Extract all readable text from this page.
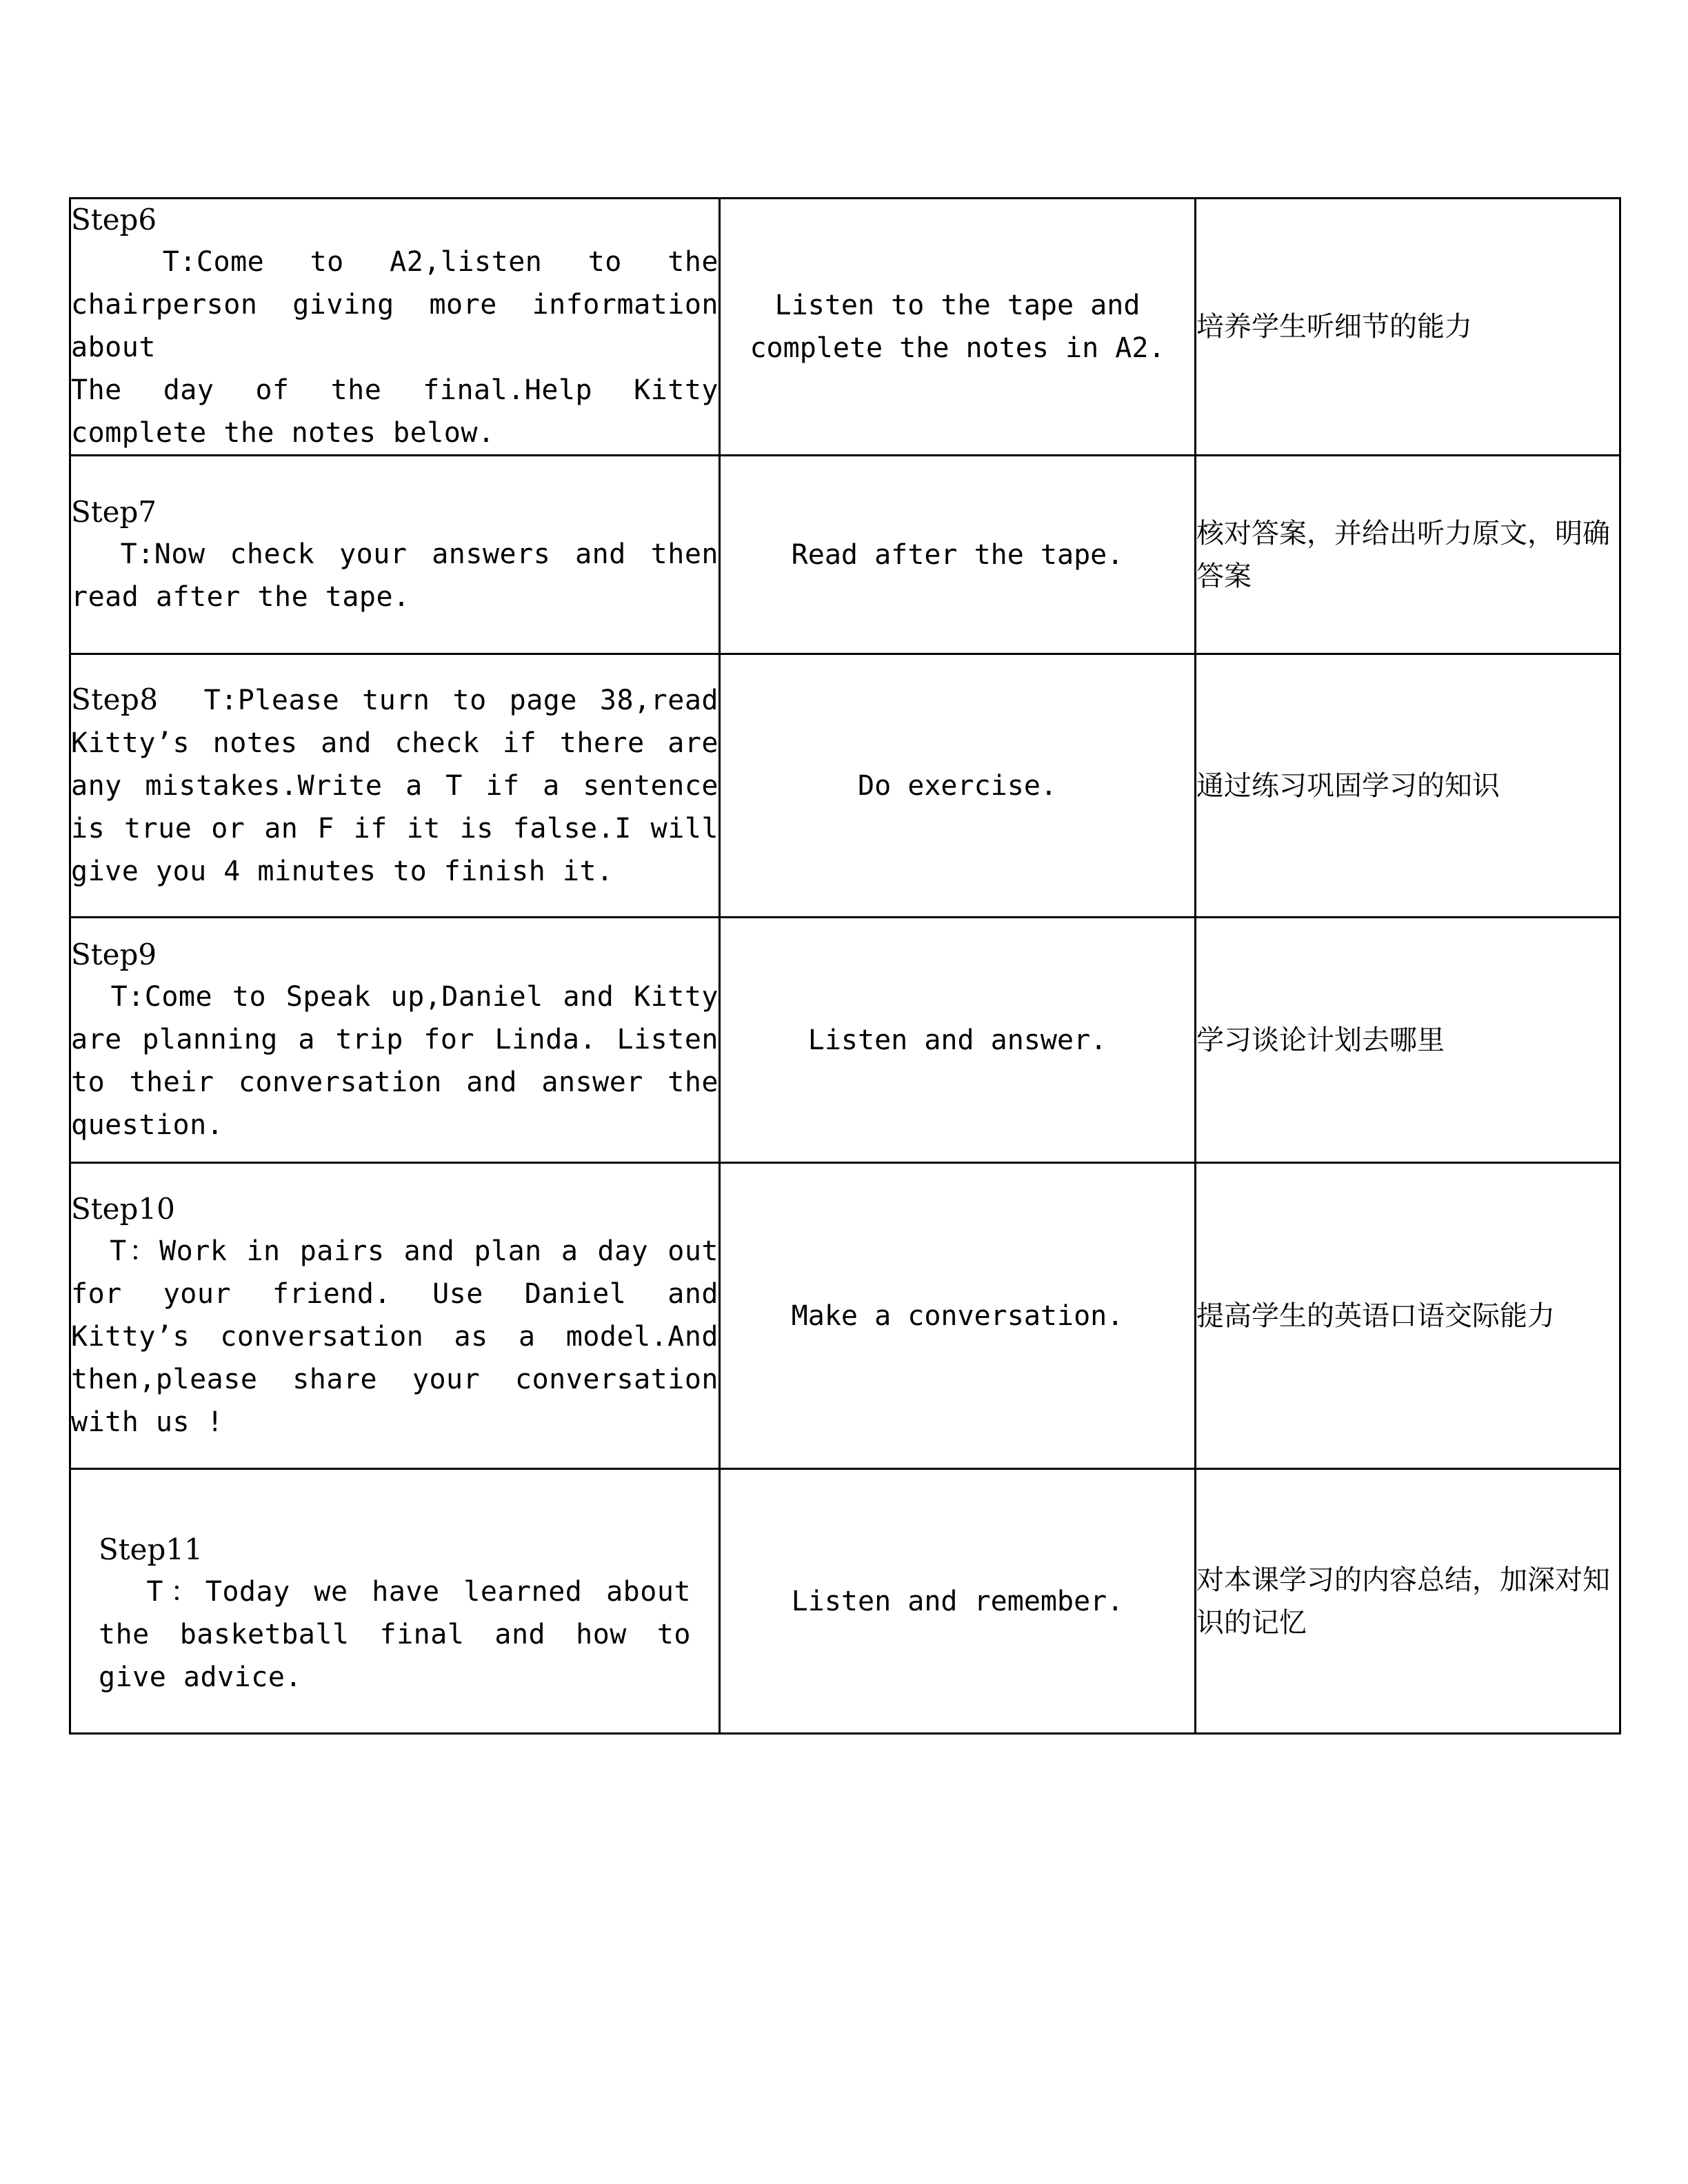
Step6
T:Come to A2,listen to the chairperson giving more information about
The day of the final.Help Kitty complete the notes below.	Listen to the tape and complete the notes in A2.	培养学生听细节的能力

Step7
T:Now check your answers and then read after the tape.	Read after the tape.	核对答案，并给出听力原文，明确答案

Step8 T:Please turn to page 38,read Kitty’s notes and check if there are any mistakes.Write a T if a sentence is true or an F if it is false.I will give you 4 minutes to finish it.	Do exercise.	通过练习巩固学习的知识

Step9
T:Come to Speak up,Daniel and Kitty are planning a trip for Linda. Listen to their conversation and answer the question.	Listen and answer.	学习谈论计划去哪里

Step10
T：Work in pairs and plan a day out for your friend. Use Daniel and Kitty’s conversation as a model.And then,please share your conversation with us !	Make a conversation.	提高学生的英语口语交际能力

Step11
T：Today we have learned about the basketball final and how to give advice.	Listen and remember.	对本课学习的内容总结，加深对知识的记忆
